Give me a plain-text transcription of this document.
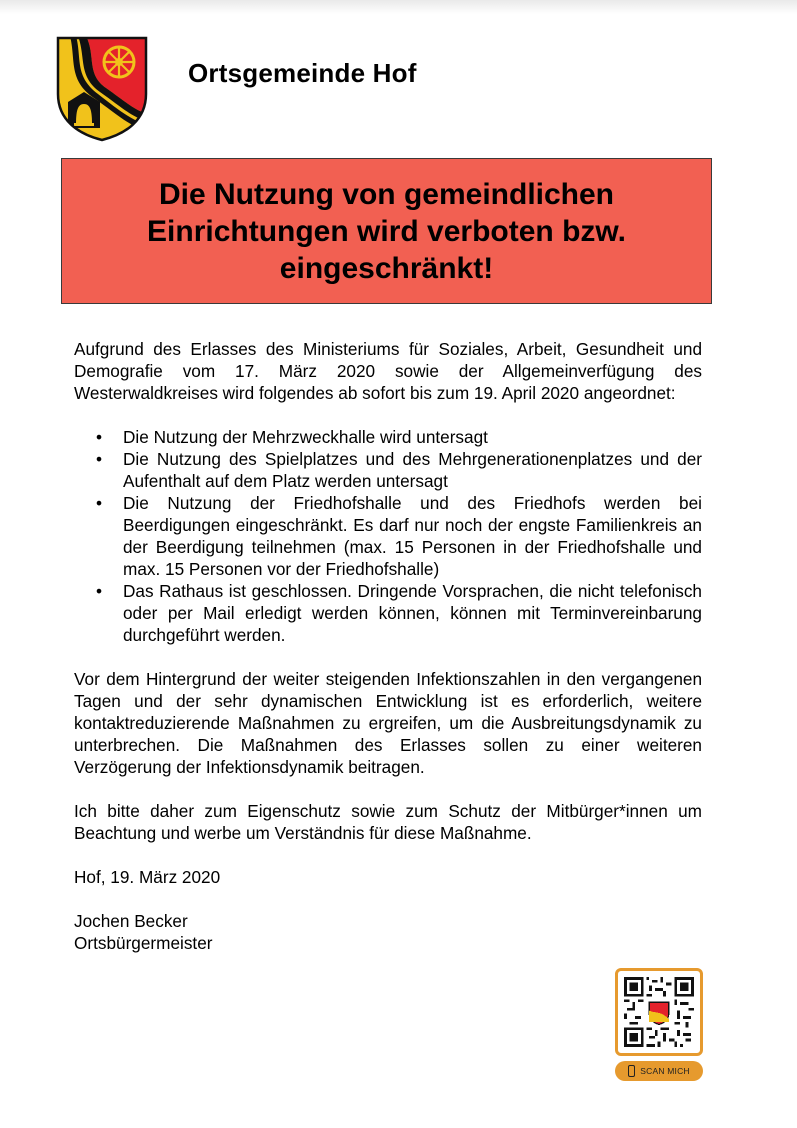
Ortsgemeinde Hof
Die Nutzung von gemeindlichen
Einrichtungen wird verboten bzw.
eingeschränkt!

Aufgrund des Erlasses des Ministeriums für Soziales, Arbeit, Gesundheit und Demografie vom 17. März 2020 sowie der Allgemeinverfügung des Westerwaldkreises wird folgendes ab sofort bis zum 19. April 2020 angeordnet:

• Die Nutzung der Mehrzweckhalle wird untersagt
• Die Nutzung des Spielplatzes und des Mehrgenerationenplatzes und der Aufenthalt auf dem Platz werden untersagt
• Die Nutzung der Friedhofshalle und des Friedhofs werden bei Beerdigungen eingeschränkt. Es darf nur noch der engste Familienkreis an der Beerdigung teilnehmen (max. 15 Personen in der Friedhofshalle und max. 15 Personen vor der Friedhofshalle)
• Das Rathaus ist geschlossen. Dringende Vorsprachen, die nicht telefonisch oder per Mail erledigt werden können, können mit Terminvereinbarung durchgeführt werden.

Vor dem Hintergrund der weiter steigenden Infektionszahlen in den vergangenen Tagen und der sehr dynamischen Entwicklung ist es erforderlich, weitere kontaktreduzierende Maßnahmen zu ergreifen, um die Ausbreitungsdynamik zu unterbrechen. Die Maßnahmen des Erlasses sollen zu einer weiteren Verzögerung der Infektionsdynamik beitragen.

Ich bitte daher zum Eigenschutz sowie zum Schutz der Mitbürger*innen um Beachtung und werbe um Verständnis für diese Maßnahme.

Hof, 19. März 2020

Jochen Becker

Ortsbürgermeister

SCAN MICH
